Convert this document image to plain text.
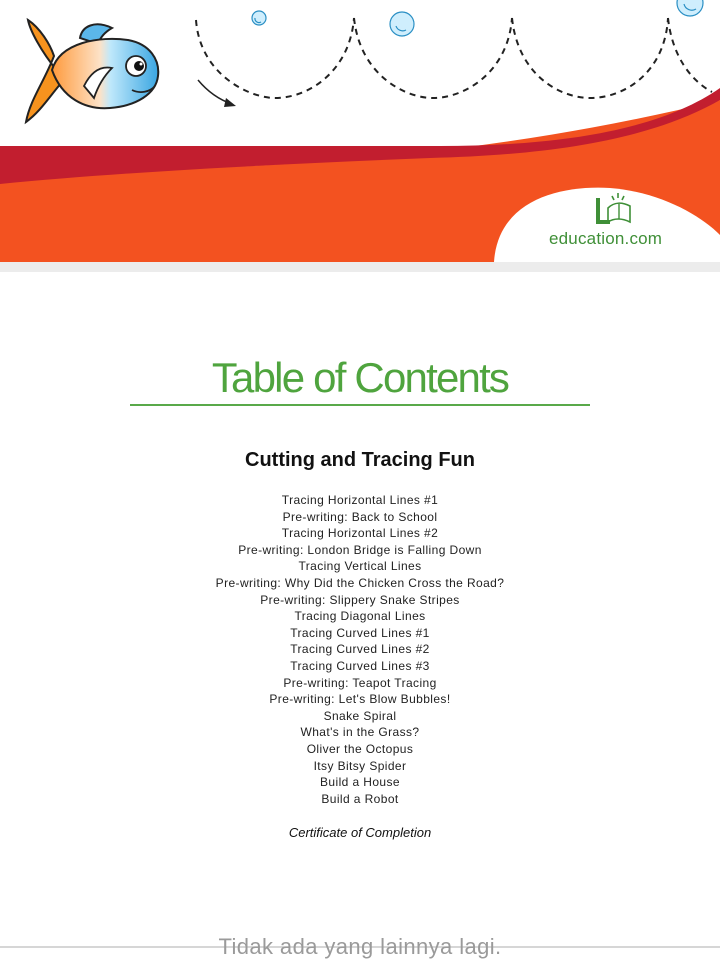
education.com
Table of Contents
Cutting and Tracing Fun
Tracing Horizontal Lines #1
Pre-writing: Back to School
Tracing Horizontal Lines #2
Pre-writing: London Bridge is Falling Down
Tracing Vertical Lines
Pre-writing: Why Did the Chicken Cross the Road?
Pre-writing: Slippery Snake Stripes
Tracing Diagonal Lines
Tracing Curved Lines #1
Tracing Curved Lines #2
Tracing Curved Lines #3
Pre-writing: Teapot Tracing
Pre-writing: Let's Blow Bubbles!
Snake Spiral
What's in the Grass?
Oliver the Octopus
Itsy Bitsy Spider
Build a House
Build a Robot
Certificate of Completion
Tidak ada yang lainnya lagi.
